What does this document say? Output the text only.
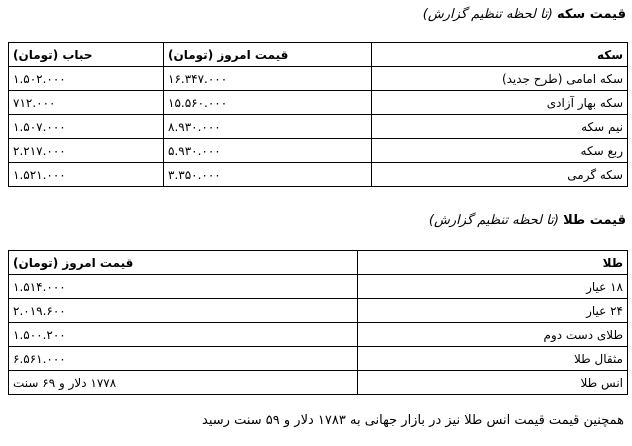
قیمت سکه (تا لحظه تنظیم گزارش)
سکه	قیمت امروز (تومان)	حباب (تومان)
سکه امامی (طرح جدید)	۱۶.۳۴۷.۰۰۰	۱.۵۰۲.۰۰۰
سکه بهار آزادی	۱۵.۵۶۰.۰۰۰	۷۱۲.۰۰۰
نیم سکه	۸.۹۳۰.۰۰۰	۱.۵۰۷.۰۰۰
ربع سکه	۵.۹۳۰.۰۰۰	۲.۲۱۷.۰۰۰
سکه گرمی	۳.۳۵۰.۰۰۰	۱.۵۲۱.۰۰۰
قیمت طلا (تا لحظه تنظیم گزارش)
طلا	قیمت امروز (تومان)
۱۸ عیار	۱.۵۱۴.۰۰۰
۲۴ عیار	۲.۰۱۹.۶۰۰
طلای دست دوم	۱.۵۰۰.۲۰۰
مثقال طلا	۶.۵۶۱.۰۰۰
انس طلا	۱۷۷۸ دلار و ۶۹ سنت
همچنین قیمت قیمت انس طلا نیز در بازار جهانی به ۱۷۸۳ دلار و ۵۹ سنت رسید
